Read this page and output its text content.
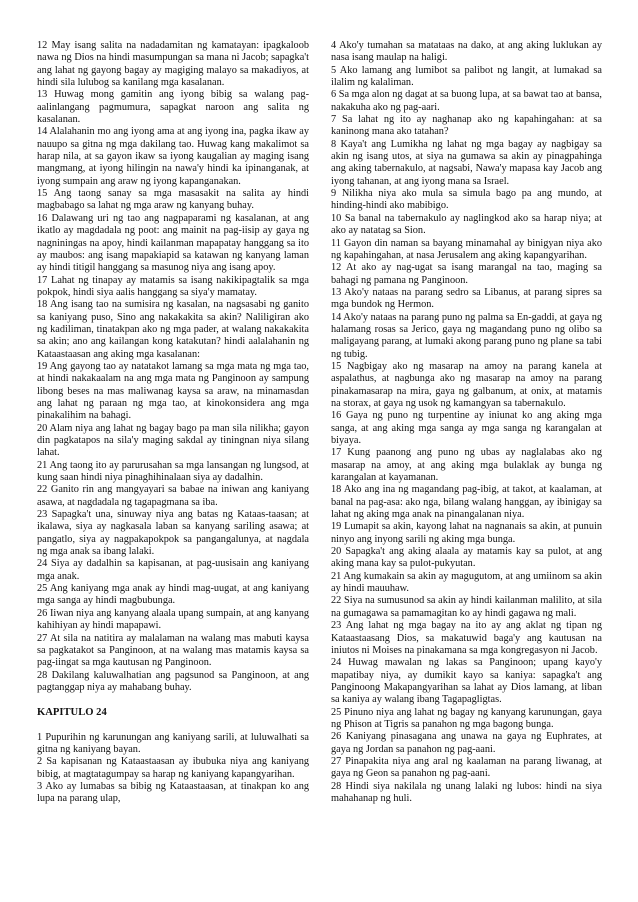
12 May isang salita na nadadamitan ng kamatayan: ipagkaloob nawa ng Dios na hindi masumpungan sa mana ni Jacob; sapagka't ang lahat ng gayong bagay ay magiging malayo sa makadiyos, at hindi sila lulubog sa kanilang mga kasalanan.

13 Huwag mong gamitin ang iyong bibig sa walang pag-aalinlangang pagmumura, sapagkat naroon ang salita ng kasalanan.

14 Alalahanin mo ang iyong ama at ang iyong ina, pagka ikaw ay nauupo sa gitna ng mga dakilang tao. Huwag kang makalimot sa harap nila, at sa gayon ikaw sa iyong kaugalian ay maging isang mangmang, at iyong hilingin na nawa'y hindi ka ipinanganak, at iyong sumpain ang araw ng iyong kapanganakan.

15 Ang taong sanay sa mga masasakit na salita ay hindi magbabago sa lahat ng mga araw ng kanyang buhay.

16 Dalawang uri ng tao ang nagpaparami ng kasalanan, at ang ikatlo ay magdadala ng poot: ang mainit na pag-iisip ay gaya ng nagniningas na apoy, hindi kailanman mapapatay hanggang sa ito ay maubos: ang isang mapakiapid sa katawan ng kanyang laman ay hindi titigil hanggang sa masunog niya ang isang apoy.

17 Lahat ng tinapay ay matamis sa isang nakikipagtalik sa mga pokpok, hindi siya aalis hanggang sa siya'y mamatay.

18 Ang isang tao na sumisira ng kasalan, na nagsasabi ng ganito sa kaniyang puso, Sino ang nakakakita sa akin? Naliligiran ako ng kadiliman, tinatakpan ako ng mga pader, at walang nakakakita sa akin; ano ang kailangan kong katakutan? hindi aalalahanin ng Kataastaasan ang aking mga kasalanan:

19 Ang gayong tao ay natatakot lamang sa mga mata ng mga tao, at hindi nakakaalam na ang mga mata ng Panginoon ay sampung libong beses na mas maliwanag kaysa sa araw, na minamasdan ang lahat ng paraan ng mga tao, at kinokonsidera ang mga pinakalihim na bahagi.

20 Alam niya ang lahat ng bagay bago pa man sila nilikha; gayon din pagkatapos na sila'y maging sakdal ay tiningnan niya silang lahat.

21 Ang taong ito ay parurusahan sa mga lansangan ng lungsod, at kung saan hindi niya pinaghihinalaan siya ay dadalhin.

22 Ganito rin ang mangyayari sa babae na iniwan ang kaniyang asawa, at nagdadala ng tagapagmana sa iba.

23 Sapagka't una, sinuway niya ang batas ng Kataas-taasan; at ikalawa, siya ay nagkasala laban sa kanyang sariling asawa; at pangatlo, siya ay nagpakapokpok sa pangangalunya, at nagdala ng mga anak sa ibang lalaki.

24 Siya ay dadalhin sa kapisanan, at pag-uusisain ang kaniyang mga anak.

25 Ang kaniyang mga anak ay hindi mag-uugat, at ang kaniyang mga sanga ay hindi magbubunga.

26 Iiwan niya ang kanyang alaala upang sumpain, at ang kanyang kahihiyan ay hindi mapapawi.

27 At sila na natitira ay malalaman na walang mas mabuti kaysa sa pagkatakot sa Panginoon, at na walang mas matamis kaysa sa pag-iingat sa mga kautusan ng Panginoon.

28 Dakilang kaluwalhatian ang pagsunod sa Panginoon, at ang pagtanggap niya ay mahabang buhay.

KAPITULO 24

1 Pupurihin ng karunungan ang kaniyang sarili, at luluwalhati sa gitna ng kaniyang bayan.

2 Sa kapisanan ng Kataastaasan ay ibubuka niya ang kaniyang bibig, at magtatagumpay sa harap ng kaniyang kapangyarihan.

3 Ako ay lumabas sa bibig ng Kataastaasan, at tinakpan ko ang lupa na parang ulap,

4 Ako'y tumahan sa matataas na dako, at ang aking luklukan ay nasa isang maulap na haligi.

5 Ako lamang ang lumibot sa palibot ng langit, at lumakad sa ilalim ng kalaliman.

6 Sa mga alon ng dagat at sa buong lupa, at sa bawat tao at bansa, nakakuha ako ng pag-aari.

7 Sa lahat ng ito ay naghanap ako ng kapahingahan: at sa kaninong mana ako tatahan?

8 Kaya't ang Lumikha ng lahat ng mga bagay ay nagbigay sa akin ng isang utos, at siya na gumawa sa akin ay pinagpahinga ang aking tabernakulo, at nagsabi, Nawa'y mapasa kay Jacob ang iyong tahanan, at ang iyong mana sa Israel.

9 Nilikha niya ako mula sa simula bago pa ang mundo, at hinding-hindi ako mabibigo.

10 Sa banal na tabernakulo ay naglingkod ako sa harap niya; at ako ay natatag sa Sion.

11 Gayon din naman sa bayang minamahal ay binigyan niya ako ng kapahingahan, at nasa Jerusalem ang aking kapangyarihan.

12 At ako ay nag-ugat sa isang marangal na tao, maging sa bahagi ng pamana ng Panginoon.

13 Ako'y nataas na parang sedro sa Libanus, at parang sipres sa mga bundok ng Hermon.

14 Ako'y nataas na parang puno ng palma sa En-gaddi, at gaya ng halamang rosas sa Jerico, gaya ng magandang puno ng olibo sa maligayang parang, at lumaki akong parang puno ng plane sa tabi ng tubig.

15 Nagbigay ako ng masarap na amoy na parang kanela at aspalathus, at nagbunga ako ng masarap na amoy na parang pinakamasarap na mira, gaya ng galbanum, at onix, at matamis na storax, at gaya ng usok ng kamangyan sa tabernakulo.

16 Gaya ng puno ng turpentine ay iniunat ko ang aking mga sanga, at ang aking mga sanga ay mga sanga ng karangalan at biyaya.

17 Kung paanong ang puno ng ubas ay naglalabas ako ng masarap na amoy, at ang aking mga bulaklak ay bunga ng karangalan at kayamanan.

18 Ako ang ina ng magandang pag-ibig, at takot, at kaalaman, at banal na pag-asa: ako nga, bilang walang hanggan, ay ibinigay sa lahat ng aking mga anak na pinangalanan niya.

19 Lumapit sa akin, kayong lahat na nagnanais sa akin, at punuin ninyo ang inyong sarili ng aking mga bunga.

20 Sapagka't ang aking alaala ay matamis kay sa pulot, at ang aking mana kay sa pulot-pukyutan.

21 Ang kumakain sa akin ay magugutom, at ang umiinom sa akin ay hindi mauuhaw.

22 Siya na sumusunod sa akin ay hindi kailanman malilito, at sila na gumagawa sa pamamagitan ko ay hindi gagawa ng mali.

23 Ang lahat ng mga bagay na ito ay ang aklat ng tipan ng Kataastaasang Dios, sa makatuwid baga'y ang kautusan na iniutos ni Moises na pinakamana sa mga kongregasyon ni Jacob.

24 Huwag mawalan ng lakas sa Panginoon; upang kayo'y mapatibay niya, ay dumikit kayo sa kaniya: sapagka't ang Panginoong Makapangyarihan sa lahat ay Dios lamang, at liban sa kaniya ay walang ibang Tagapagligtas.

25 Pinuno niya ang lahat ng bagay ng kanyang karunungan, gaya ng Phison at Tigris sa panahon ng mga bagong bunga.

26 Kaniyang pinasagana ang unawa na gaya ng Euphrates, at gaya ng Jordan sa panahon ng pag-aani.

27 Pinapakita niya ang aral ng kaalaman na parang liwanag, at gaya ng Geon sa panahon ng pag-aani.

28 Hindi siya nakilala ng unang lalaki ng lubos: hindi na siya mahahanap ng huli.
